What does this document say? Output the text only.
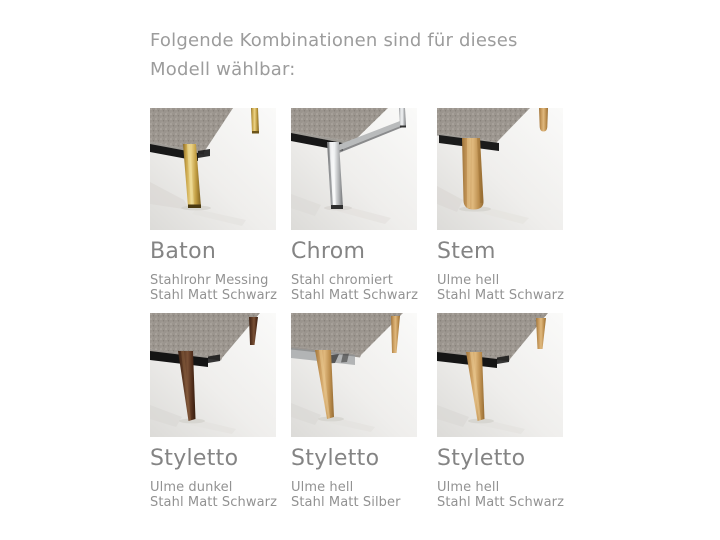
Folgende Kombinationen sind für dieses
Modell wählbar:
Baton
Stahlrohr Messing
Stahl Matt Schwarz
Chrom
Stahl chromiert
Stahl Matt Schwarz
Stem
Ulme hell
Stahl Matt Schwarz
Styletto
Ulme dunkel
Stahl Matt Schwarz
Styletto
Ulme hell
Stahl Matt Silber
Styletto
Ulme hell
Stahl Matt Schwarz
